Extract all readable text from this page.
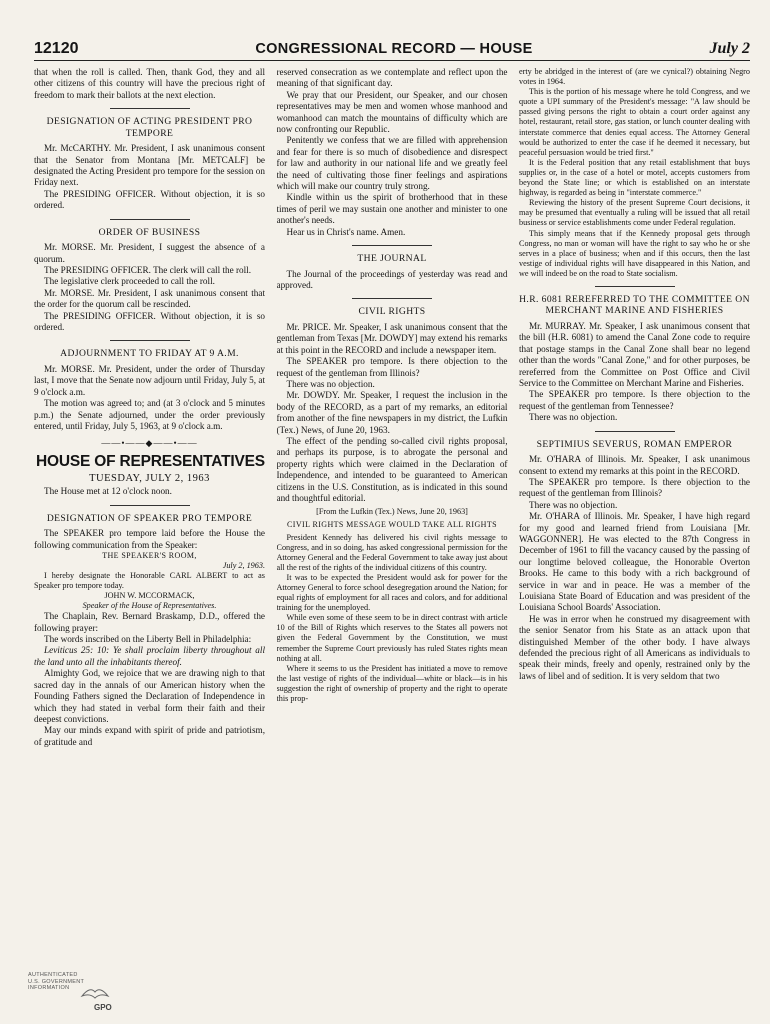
12120	CONGRESSIONAL RECORD — HOUSE	July 2

that when the roll is called. Then, thank God, they and all other citizens of this country will have the precious right of freedom to mark their ballots at the next election.

DESIGNATION OF ACTING PRESIDENT PRO TEMPORE

Mr. McCARTHY. Mr. President, I ask unanimous consent that the Senator from Montana [Mr. METCALF] be designated the Acting President pro tempore for the session on Friday next.

The PRESIDING OFFICER. Without objection, it is so ordered.

ORDER OF BUSINESS

Mr. MORSE. Mr. President, I suggest the absence of a quorum.

The PRESIDING OFFICER. The clerk will call the roll.

The legislative clerk proceeded to call the roll.

Mr. MORSE. Mr. President, I ask unanimous consent that the order for the quorum call be rescinded.

The PRESIDING OFFICER. Without objection, it is so ordered.

ADJOURNMENT TO FRIDAY AT 9 A.M.

Mr. MORSE. Mr. President, under the order of Thursday last, I move that the Senate now adjourn until Friday, July 5, at 9 o'clock a.m.

The motion was agreed to; and (at 3 o'clock and 5 minutes p.m.) the Senate adjourned, under the order previously entered, until Friday, July 5, 1963, at 9 o'clock a.m.

——•——◆——•——
HOUSE OF REPRESENTATIVES
TUESDAY, JULY 2, 1963

The House met at 12 o'clock noon.

DESIGNATION OF SPEAKER PRO TEMPORE

The SPEAKER pro tempore laid before the House the following communication from the Speaker:

THE SPEAKER'S ROOM,
July 2, 1963.

I hereby designate the Honorable CARL ALBERT to act as Speaker pro tempore today.

JOHN W. MCCORMACK,
Speaker of the House of Representatives.

The Chaplain, Rev. Bernard Braskamp, D.D., offered the following prayer:

The words inscribed on the Liberty Bell in Philadelphia:

Leviticus 25: 10: Ye shall proclaim liberty throughout all the land unto all the inhabitants thereof.

Almighty God, we rejoice that we are drawing nigh to that sacred day in the annals of our American history when the Founding Fathers signed the Declaration of Independence in which they had stated in verbal form their faith and their deepest convictions.

May our minds expand with spirit of pride and patriotism, of gratitude and

reserved consecration as we contemplate and reflect upon the meaning of that significant day.

We pray that our President, our Speaker, and our chosen representatives may be men and women whose manhood and womanhood can match the mountains of difficulty which are now confronting our Republic.

Penitently we confess that we are filled with apprehension and fear for there is so much of disobedience and disrespect for law and authority in our national life and we greatly feel the need of cultivating those finer feelings and aspirations which will make our country truly strong.

Kindle within us the spirit of brotherhood that in these times of peril we may sustain one another and minister to one another's needs.

Hear us in Christ's name. Amen.

THE JOURNAL

The Journal of the proceedings of yesterday was read and approved.

CIVIL RIGHTS

Mr. PRICE. Mr. Speaker, I ask unanimous consent that the gentleman from Texas [Mr. DOWDY] may extend his remarks at this point in the RECORD and include a newspaper item.

The SPEAKER pro tempore. Is there objection to the request of the gentleman from Illinois?

There was no objection.

Mr. DOWDY. Mr. Speaker, I request the inclusion in the body of the RECORD, as a part of my remarks, an editorial from another of the fine newspapers in my district, the Lufkin (Tex.) News, of June 20, 1963.

The effect of the pending so-called civil rights proposal, and perhaps its purpose, is to abrogate the personal and property rights which were claimed in the Declaration of Independence, and intended to be guaranteed to American citizens in the U.S. Constitution, as is indicated in this sound and thoughtful editorial.

[From the Lufkin (Tex.) News, June 20, 1963]

CIVIL RIGHTS MESSAGE WOULD TAKE ALL RIGHTS

President Kennedy has delivered his civil rights message to Congress, and in so doing, has asked congressional permission for the Attorney General and the Federal Government to take away just about all the rest of the rights of the individual citizens of this country.

It was to be expected the President would ask for power for the Attorney General to force school desegregation around the Nation; for equal rights of employment for all races and colors, and for additional training for the unemployed.

While even some of these seem to be in direct contrast with article 10 of the Bill of Rights which reserves to the States all powers not given the Federal Government by the Constitution, we must remember the Supreme Court previously has ruled States rights mean nothing at all.

Where it seems to us the President has initiated a move to remove the last vestige of rights of the individual—white or black—is in his suggestion the right of ownership of property and the right to operate this prop-

erty be abridged in the interest of (are we cynical?) obtaining Negro votes in 1964.

This is the portion of his message where he told Congress, and we quote a UPI summary of the President's message: "A law should be passed giving persons the right to obtain a court order against any hotel, restaurant, retail store, gas station, or lunch counter dealing with interstate commerce that denies equal access. The Attorney General would be authorized to enter the case if he deemed it necessary, but peaceful persuasion would be tried first."

It is the Federal position that any retail establishment that buys supplies or, in the case of a hotel or motel, accepts customers from beyond the State line; or which is established on an interstate highway, is regarded as being in "interstate commerce."

Reviewing the history of the present Supreme Court decisions, it may be presumed that eventually a ruling will be issued that all retail business or service establishments come under Federal regulation.

This simply means that if the Kennedy proposal gets through Congress, no man or woman will have the right to say who he or she serves in a place of business; when and if this occurs, then the last vestige of individual rights will have disappeared in this Nation, and we will indeed be on the road to State socialism.

H.R. 6081 REREFERRED TO THE COMMITTEE ON MERCHANT MARINE AND FISHERIES

Mr. MURRAY. Mr. Speaker, I ask unanimous consent that the bill (H.R. 6081) to amend the Canal Zone code to require that postage stamps in the Canal Zone shall bear no legend other than the words "Canal Zone," and for other purposes, be rereferred from the Committee on Post Office and Civil Service to the Committee on Merchant Marine and Fisheries.

The SPEAKER pro tempore. Is there objection to the request of the gentleman from Tennessee?

There was no objection.

SEPTIMIUS SEVERUS, ROMAN EMPEROR

Mr. O'HARA of Illinois. Mr. Speaker, I ask unanimous consent to extend my remarks at this point in the RECORD.

The SPEAKER pro tempore. Is there objection to the request of the gentleman from Illinois?

There was no objection.

Mr. O'HARA of Illinois. Mr. Speaker, I have high regard for my good and learned friend from Louisiana [Mr. WAGGONNER]. He was elected to the 87th Congress in December of 1961 to fill the vacancy caused by the passing of our longtime beloved colleague, the Honorable Overton Brooks. He came to this body with a rich background of service in war and in peace. He was a member of the Louisiana State Board of Education and was president of the Louisiana School Boards' Association.

He was in error when he construed my disagreement with the senior Senator from his State as an attack upon that distinguished Member of the other body. I have always defended the precious right of all Americans as individuals to speak their minds, freely and openly, restrained only by the laws of libel and of sedition. It is very seldom that two

AUTHENTICATED
U.S. GOVERNMENT
INFORMATION
GPO
